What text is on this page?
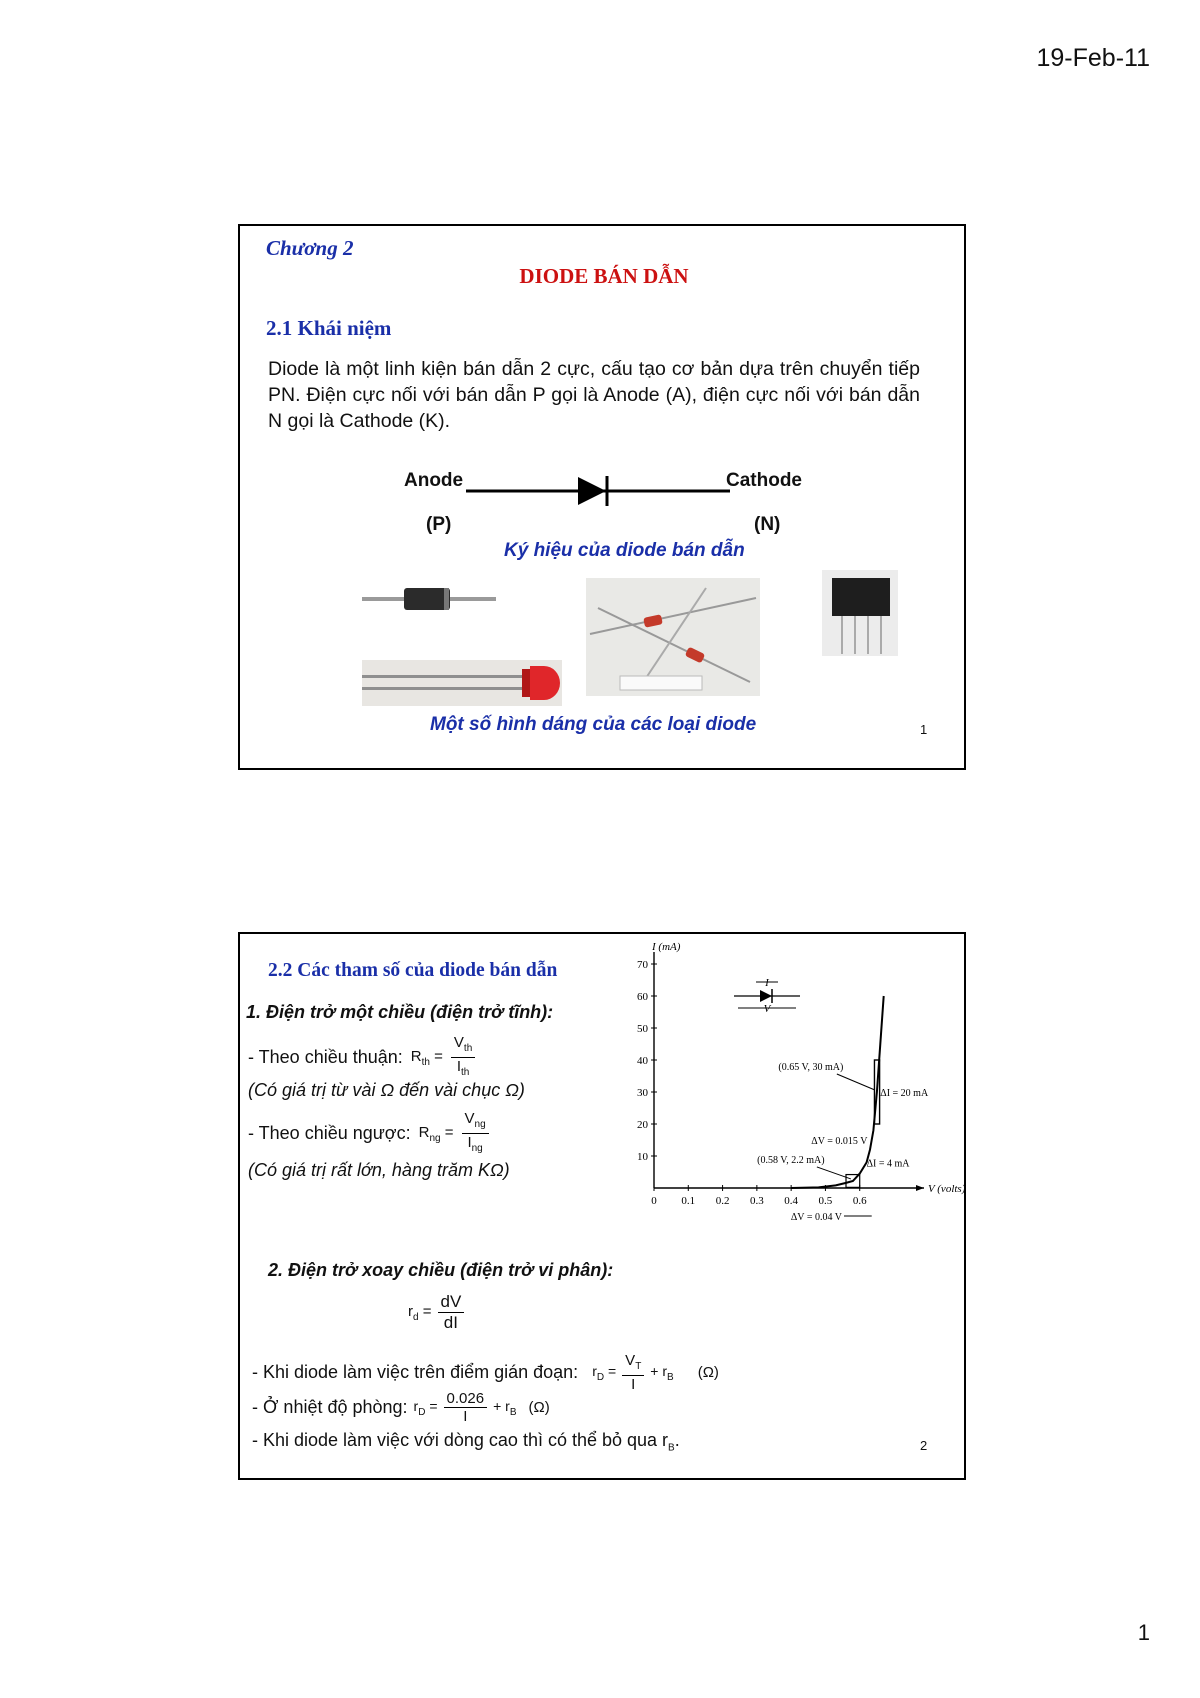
19-Feb-11
1
Chương 2
DIODE BÁN DẪN
2.1 Khái niệm
Diode là một linh kiện bán dẫn 2 cực, cấu tạo cơ bản dựa trên chuyển tiếp PN. Điện cực nối với bán dẫn P gọi là Anode (A), điện cực nối với bán dẫn N gọi là Cathode (K).
Anode	Cathode
(P)	(N)
Ký hiệu của diode bán dẫn
Một số hình dáng của các loại diode	1
2.2 Các tham số của diode bán dẫn
1. Điện trở một chiều (điện trở tĩnh):
- Theo chiều thuận: $R_{th} = \frac{V_{th}}{I_{th}}$
(Có giá trị từ vài Ω đến vài chục Ω)
- Theo chiều ngược: $R_{ng} = \frac{V_{ng}}{I_{ng}}$
(Có giá trị rất lớn, hàng trăm KΩ)
V (volts)
I (mA)
10
20
30
40
50
60
70
0 0.1 0.2 0.3 0.4 0.5 0.6
(0.65 V, 30 mA)
ΔI = 20 mA
ΔV = 0.015 V
(0.58 V, 2.2 mA)	ΔI = 4 mA
ΔV = 0.04 V
I
V
2. Điện trở xoay chiều (điện trở vi phân):
$r_d = \frac{dV}{dI}$
- Khi diode làm việc trên điểm gián đoạn: $r_D = \frac{V_T}{I} + r_B$ (Ω)
- Ở nhiệt độ phòng: $r_D = \frac{0.026}{I} + r_B$ (Ω)
- Khi diode làm việc với dòng cao thì có thể bỏ qua $r_B$.	2
